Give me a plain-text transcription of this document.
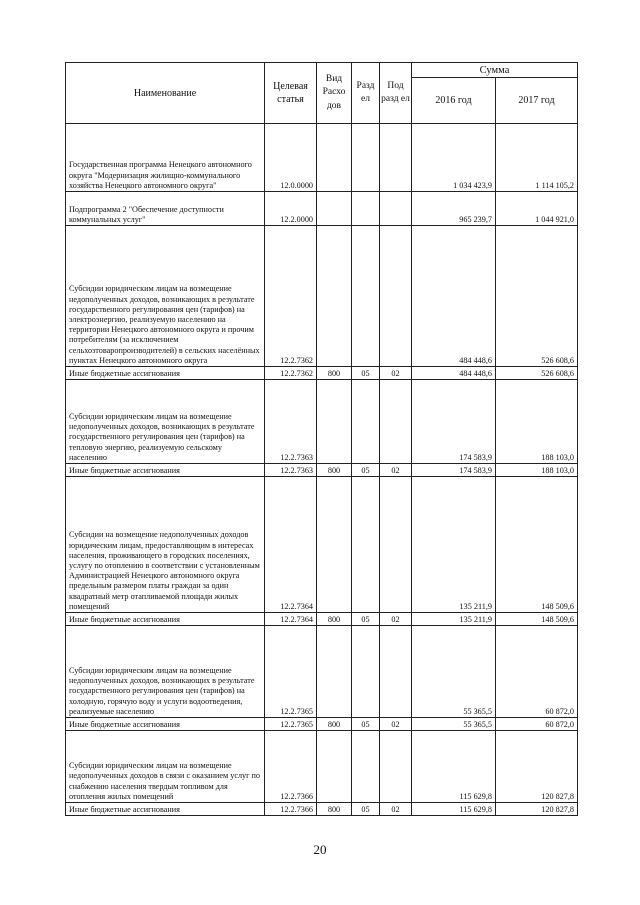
Наименование	Целевая статья	Вид Расхо дов	Разд ел	Под разд ел	Сумма	
					2016 год	2017 год
Государственная программа Ненецкого автономного округа "Модернизация жилищно-коммунального хозяйства Ненецкого автономного округа"	12.0.0000				1 034 423,9	1 114 105,2
Подпрограмма 2 "Обеспечение доступности коммунальных услуг"	12.2.0000				965 239,7	1 044 921,0
Субсидии юридическим лицам на возмещение недополученных доходов, возникающих в результате государственного регулирования цен (тарифов) на электроэнергию, реализуемую населению на территории Ненецкого автономного округа и прочим потребителям (за исключением сельхозтоваропроизводителей) в сельских населённых пунктах Ненецкого автономного округа	12.2.7362				484 448,6	526 608,6
Иные бюджетные ассигнования	12.2.7362	800	05	02	484 448,6	526 608,6
Субсидии юридическим лицам на возмещение недополученных доходов, возникающих в результате государственного регулирования цен (тарифов) на тепловую энергию, реализуемую сельскому населению	12.2.7363				174 583,9	188 103,0
Иные бюджетные ассигнования	12.2.7363	800	05	02	174 583,9	188 103,0
Субсидии на возмещение недополученных доходов юридическим лицам, предоставляющим в интересах населения, проживающего в городских поселениях, услугу по отоплению в соответствии с установленным Администрацией Ненецкого автономного округа предельным размером платы граждан за один квадратный метр отапливаемой площади жилых помещений	12.2.7364				135 211,9	148 509,6
Иные бюджетные ассигнования	12.2.7364	800	05	02	135 211,9	148 509,6
Субсидии юридическим лицам на возмещение недополученных доходов, возникающих в результате государственного регулирования цен (тарифов) на холодную, горячую воду и услуги водоотведения, реализуемые населению	12.2.7365				55 365,5	60 872,0
Иные бюджетные ассигнования	12.2.7365	800	05	02	55 365,5	60 872,0
Субсидии юридическим лицам на возмещение недополученных доходов в связи с оказанием услуг по снабжению населения твердым топливом для отопления жилых помещений	12.2.7366				115 629,8	120 827,8
Иные бюджетные ассигнования	12.2.7366	800	05	02	115 629,8	120 827,8
20
